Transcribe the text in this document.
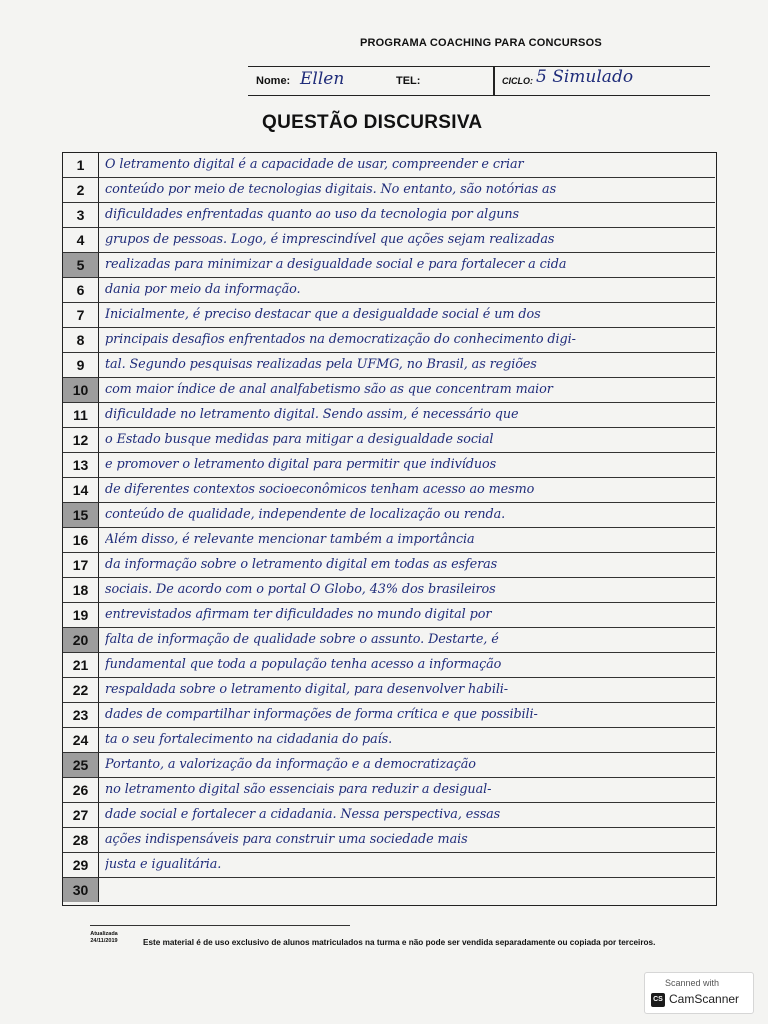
PROGRAMA COACHING PARA CONCURSOS
Nome: Ellen	TEL:	CICLO: 5 Simulado
QUESTÃO DISCURSIVA
1	O letramento digital é a capacidade de usar, compreender e criar
2	conteúdo por meio de tecnologias digitais. No entanto, são notórias as
3	dificuldades enfrentadas quanto ao uso da tecnologia por alguns
4	grupos de pessoas. Logo, é imprescindível que ações sejam realizadas
5	realizadas para minimizar a desigualdade social e para fortalecer a cida
6	dania por meio da informação.
7	Inicialmente, é preciso destacar que a desigualdade social é um dos
8	principais desafios enfrentados na democratização do conhecimento digi-
9	tal. Segundo pesquisas realizadas pela UFMG, no Brasil, as regiões
10	com maior índice de anal analfabetismo são as que concentram maior
11	dificuldade no letramento digital. Sendo assim, é necessário que
12	o Estado busque medidas para mitigar a desigualdade social
13	e promover o letramento digital para permitir que indivíduos
14	de diferentes contextos socioeconômicos tenham acesso ao mesmo
15	conteúdo de qualidade, independente de localização ou renda.
16	Além disso, é relevante mencionar também a importância
17	da informação sobre o letramento digital em todas as esferas
18	sociais. De acordo com o portal O Globo, 43% dos brasileiros
19	entrevistados afirmam ter dificuldades no mundo digital por
20	falta de informação de qualidade sobre o assunto. Destarte, é
21	fundamental que toda a população tenha acesso a informação
22	respaldada sobre o letramento digital, para desenvolver habili-
23	dades de compartilhar informações de forma crítica e que possibili-
24	ta o seu fortalecimento na cidadania do país.
25	Portanto, a valorização da informação e a democratização
26	no letramento digital são essenciais para reduzir a desigual-
27	dade social e fortalecer a cidadania. Nessa perspectiva, essas
28	ações indispensáveis para construir uma sociedade mais
29	justa e igualitária.
30
Atualizada
24/11/2019	Este material é de uso exclusivo de alunos matriculados na turma e não pode ser vendida separadamente ou copiada por terceiros.
Scanned with
CS CamScanner
